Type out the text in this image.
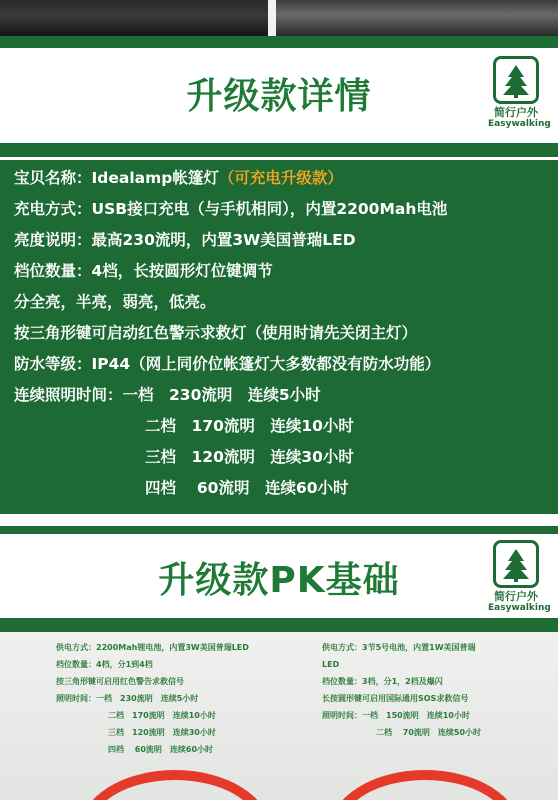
升级款详情	简行户外
Easywalking
宝贝名称：Idealamp帐篷灯（可充电升级款）
充电方式：USB接口充电（与手机相同），内置2200Mah电池
亮度说明：最高230流明，内置3W美国普瑞LED
档位数量：4档，长按圆形灯位键调节
分全亮，半亮，弱亮，低亮。
按三角形键可启动红色警示求救灯（使用时请先关闭主灯）
防水等级：IP44（网上同价位帐篷灯大多数都没有防水功能）
连续照明时间：一档　230流明　连续5小时
二档　170流明　连续10小时
三档　120流明　连续30小时
四档　 60流明　连续60小时
升级款PK基础	简行户外
Easywalking
供电方式：2200Mah锂电池，内置3W美国普瑞LED
档位数量：4档，分1到4档
按三角形键可启用红色警告求救信号
照明时间：一档　230流明　连续5小时
二档　170流明　连续10小时
三档　120流明　连续30小时
四档　 60流明　连续60小时
供电方式：3节5号电池，内置1W美国普瑞
LED
档位数量：3档，分1，2档及爆闪
长按圆形键可启用国际通用SOS求救信号
照明时间：一档　150流明　连续10小时
二档　 70流明　连续50小时
